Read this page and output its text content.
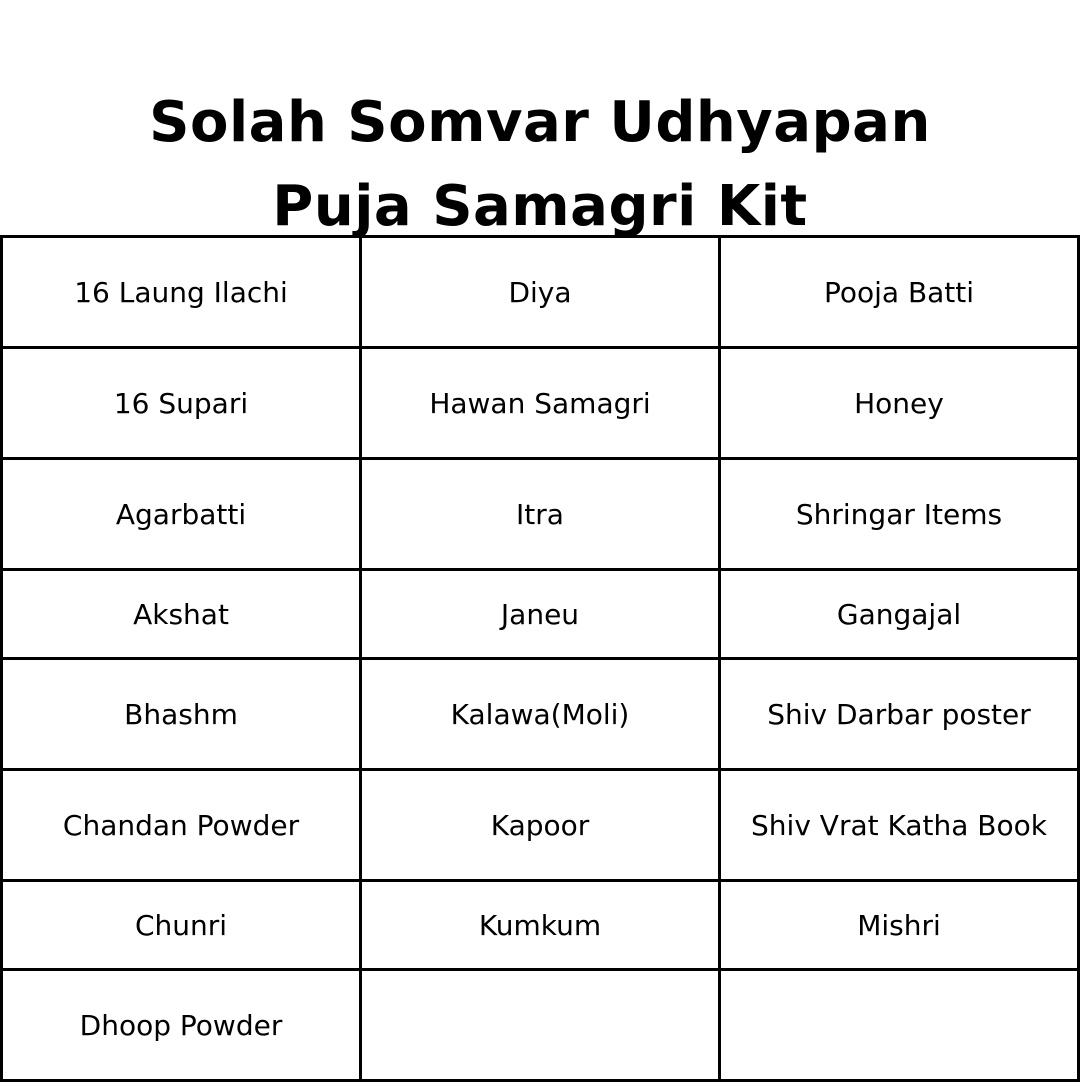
Solah Somvar Udhyapan
Puja Samagri Kit
16 Laung Ilachi	Diya	Pooja Batti
16 Supari	Hawan Samagri	Honey
Agarbatti	Itra	Shringar Items
Akshat	Janeu	Gangajal
Bhashm	Kalawa(Moli)	Shiv Darbar poster
Chandan Powder	Kapoor	Shiv Vrat Katha Book
Chunri	Kumkum	Mishri
Dhoop Powder		
